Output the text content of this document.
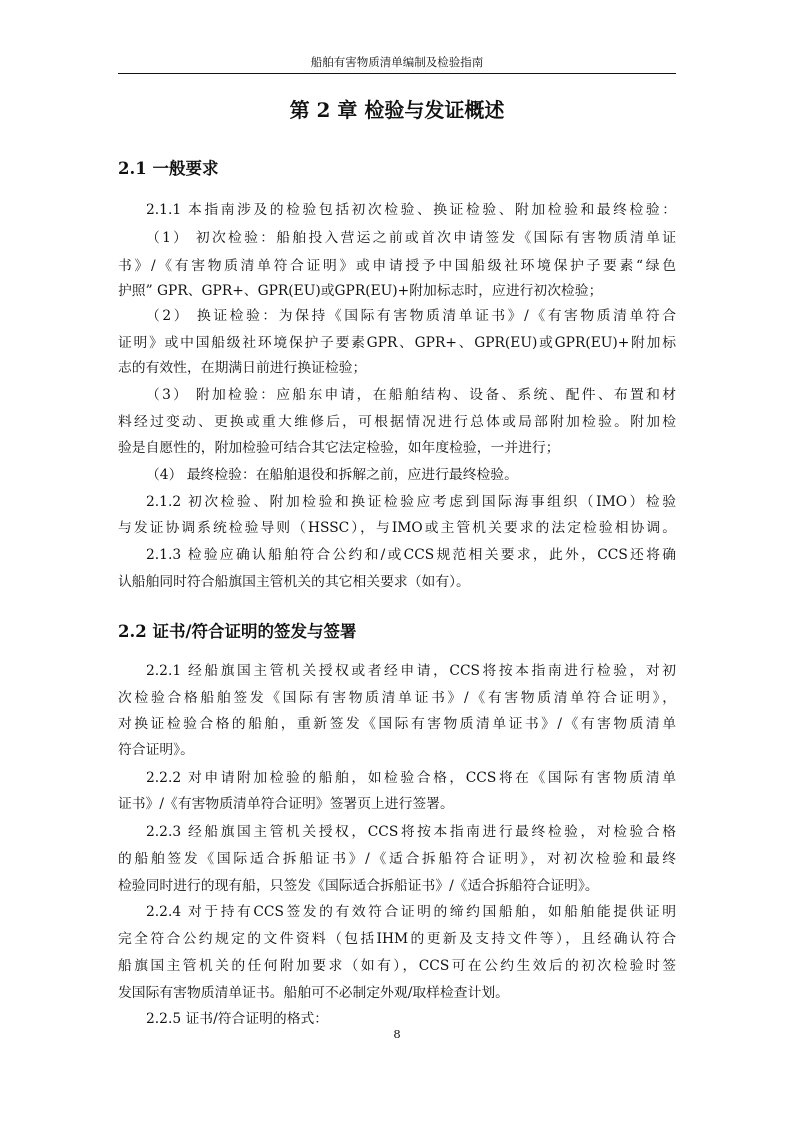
船舶有害物质清单编制及检验指南
第 2 章 检验与发证概述
2.1 一般要求
2.1.1 本指南涉及的检验包括初次检验、换证检验、附加检验和最终检验：
（1） 初次检验：船舶投入营运之前或首次申请签发《国际有害物质清单证
书》/《有害物质清单符合证明》或申请授予中国船级社环境保护子要素“绿色
护照” GPR、GPR+、GPR(EU)或GPR(EU)+附加标志时，应进行初次检验；
（2） 换证检验：为保持《国际有害物质清单证书》/《有害物质清单符合
证明》或中国船级社环境保护子要素GPR、GPR+、GPR(EU)或GPR(EU)+附加标
志的有效性，在期满日前进行换证检验；
（3） 附加检验：应船东申请，在船舶结构、设备、系统、配件、布置和材
料经过变动、更换或重大维修后，可根据情况进行总体或局部附加检验。附加检
验是自愿性的，附加检验可结合其它法定检验，如年度检验，一并进行；
（4） 最终检验：在船舶退役和拆解之前，应进行最终检验。
2.1.2 初次检验、附加检验和换证检验应考虑到国际海事组织（IMO）检验
与发证协调系统检验导则（HSSC），与IMO或主管机关要求的法定检验相协调。
2.1.3 检验应确认船舶符合公约和/或CCS规范相关要求，此外，CCS还将确
认船舶同时符合船旗国主管机关的其它相关要求（如有）。
2.2 证书/符合证明的签发与签署
2.2.1 经船旗国主管机关授权或者经申请，CCS将按本指南进行检验，对初
次检验合格船舶签发《国际有害物质清单证书》/《有害物质清单符合证明》，
对换证检验合格的船舶，重新签发《国际有害物质清单证书》/《有害物质清单
符合证明》。
2.2.2 对申请附加检验的船舶，如检验合格，CCS将在《国际有害物质清单
证书》/《有害物质清单符合证明》签署页上进行签署。
2.2.3 经船旗国主管机关授权，CCS将按本指南进行最终检验，对检验合格
的船舶签发《国际适合拆船证书》/《适合拆船符合证明》，对初次检验和最终
检验同时进行的现有船，只签发《国际适合拆船证书》/《适合拆船符合证明》。
2.2.4 对于持有CCS签发的有效符合证明的缔约国船舶，如船舶能提供证明
完全符合公约规定的文件资料（包括IHM的更新及支持文件等），且经确认符合
船旗国主管机关的任何附加要求（如有），CCS可在公约生效后的初次检验时签
发国际有害物质清单证书。船舶可不必制定外观/取样检查计划。
2.2.5 证书/符合证明的格式：
8
